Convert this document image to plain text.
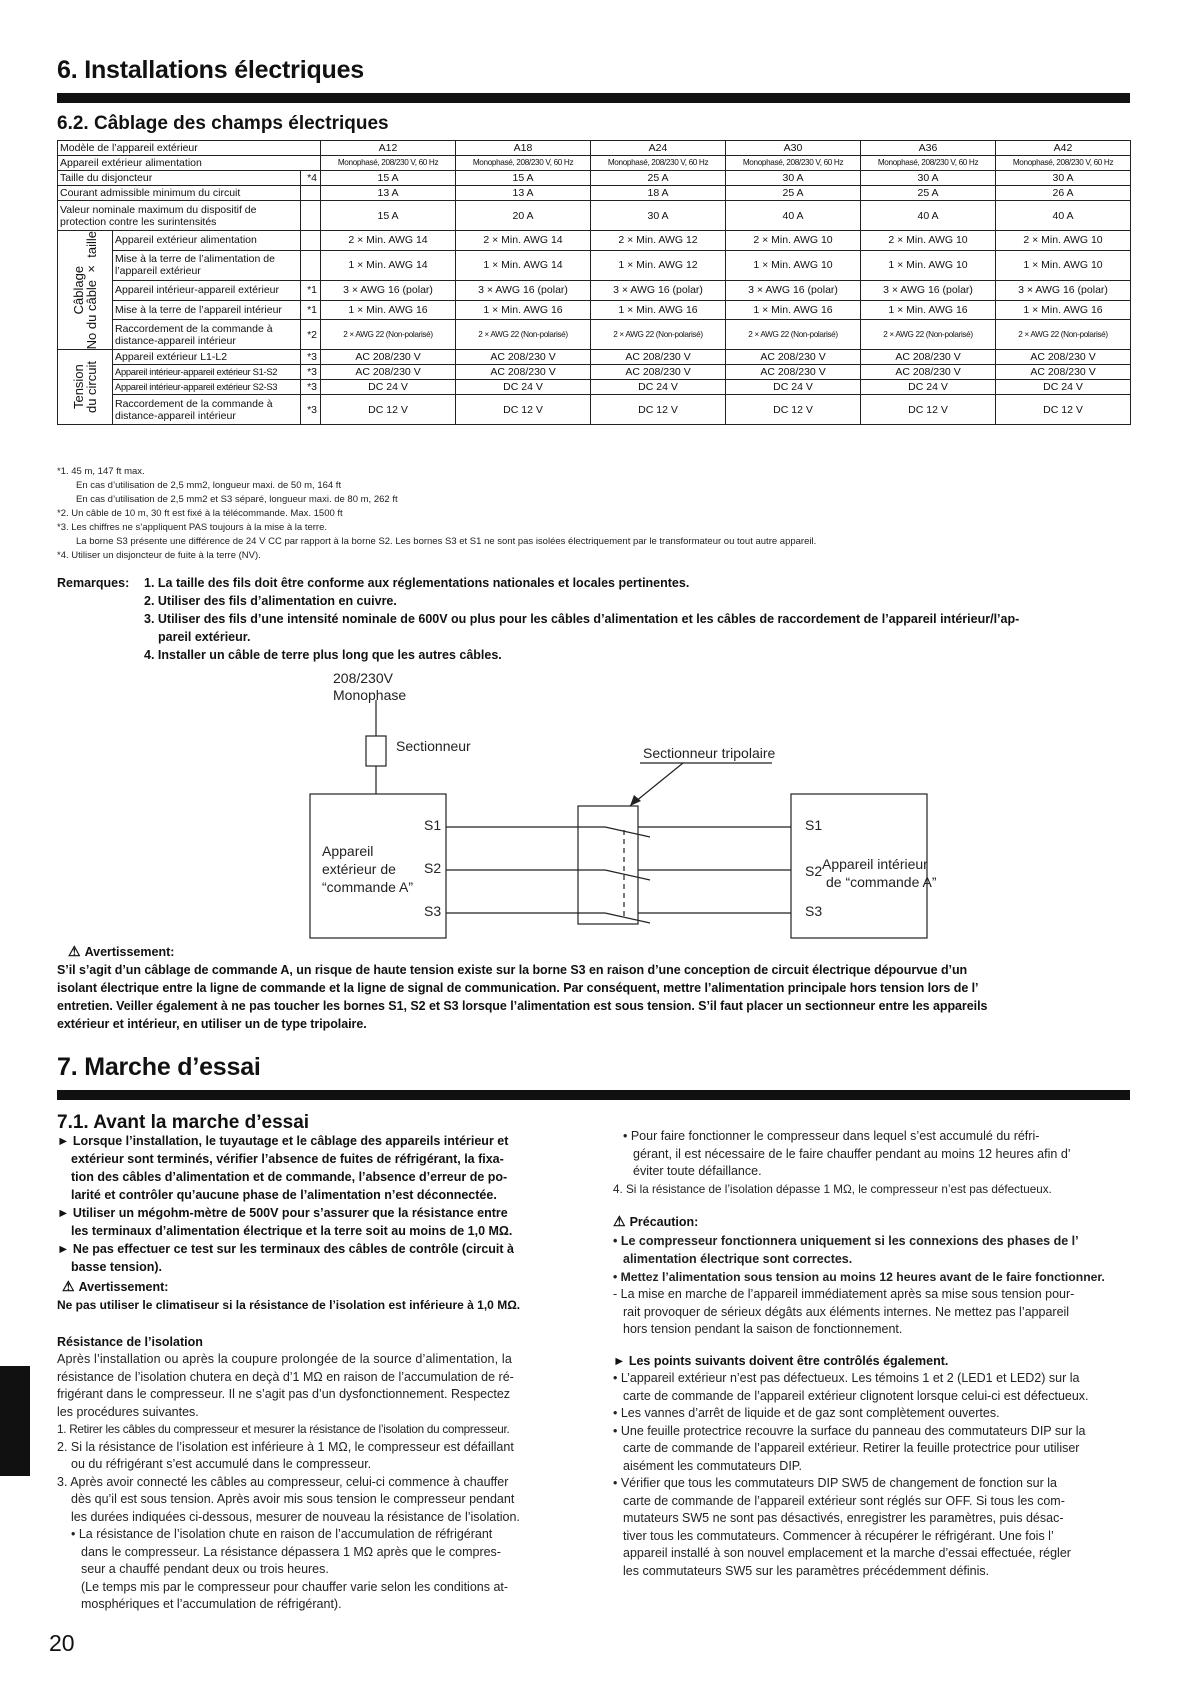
6. Installations électriques
6.2. Câblage des champs électriques
Modèle de l’appareil extérieur			A12	A18	A24	A30	A36	A42
Appareil extérieur alimentation			Monophasé, 208/230 V, 60 Hz	Monophasé, 208/230 V, 60 Hz	Monophasé, 208/230 V, 60 Hz	Monophasé, 208/230 V, 60 Hz	Monophasé, 208/230 V, 60 Hz	Monophasé, 208/230 V, 60 Hz
Taille du disjoncteur		*4	15 A	15 A	25 A	30 A	30 A	30 A
Courant admissible minimum du circuit			13 A	13 A	18 A	25 A	25 A	26 A
Valeur nominale maximum du dispositif de protection contre les surintensités			15 A	20 A	30 A	40 A	40 A	40 A

Câblage
No du câble × taille	Appareil extérieur alimentation		2 × Min. AWG 14	2 × Min. AWG 14	2 × Min. AWG 12	2 × Min. AWG 10	2 × Min. AWG 10	2 × Min. AWG 10
	Mise à la terre de l’alimentation de l’appareil extérieur		1 × Min. AWG 14	1 × Min. AWG 14	1 × Min. AWG 12	1 × Min. AWG 10	1 × Min. AWG 10	1 × Min. AWG 10
	Appareil intérieur-appareil extérieur	*1	3 × AWG 16 (polar)	3 × AWG 16 (polar)	3 × AWG 16 (polar)	3 × AWG 16 (polar)	3 × AWG 16 (polar)	3 × AWG 16 (polar)
	Mise à la terre de l’appareil intérieur	*1	1 × Min. AWG 16	1 × Min. AWG 16	1 × Min. AWG 16	1 × Min. AWG 16	1 × Min. AWG 16	1 × Min. AWG 16
	Raccordement de la commande à distance-appareil intérieur	*2	2 × AWG 22 (Non-polarisé)	2 × AWG 22 (Non-polarisé)	2 × AWG 22 (Non-polarisé)	2 × AWG 22 (Non-polarisé)	2 × AWG 22 (Non-polarisé)	2 × AWG 22 (Non-polarisé)

Tension
du circuit	Appareil extérieur L1-L2	*3	AC 208/230 V	AC 208/230 V	AC 208/230 V	AC 208/230 V	AC 208/230 V	AC 208/230 V
	Appareil intérieur-appareil extérieur S1-S2	*3	AC 208/230 V	AC 208/230 V	AC 208/230 V	AC 208/230 V	AC 208/230 V	AC 208/230 V
	Appareil intérieur-appareil extérieur S2-S3	*3	DC 24 V	DC 24 V	DC 24 V	DC 24 V	DC 24 V	DC 24 V
	Raccordement de la commande à distance-appareil intérieur	*3	DC 12 V	DC 12 V	DC 12 V	DC 12 V	DC 12 V	DC 12 V
*1. 45 m, 147 ft max.
En cas d’utilisation de 2,5 mm2, longueur maxi. de 50 m, 164 ft
En cas d’utilisation de 2,5 mm2 et S3 séparé, longueur maxi. de 80 m, 262 ft
*2. Un câble de 10 m, 30 ft est fixé à la télécommande. Max. 1500 ft
*3. Les chiffres ne s’appliquent PAS toujours à la mise à la terre.
La borne S3 présente une différence de 24 V CC par rapport à la borne S2. Les bornes S3 et S1 ne sont pas isolées électriquement par le transformateur ou tout autre appareil.
*4. Utiliser un disjoncteur de fuite à la terre (NV).
Remarques: 1. La taille des fils doit être conforme aux réglementations nationales et locales pertinentes.
2. Utiliser des fils d’alimentation en cuivre.
3. Utiliser des fils d’une intensité nominale de 600V ou plus pour les câbles d’alimentation et les câbles de raccordement de l’appareil intérieur/l’ap-
pareil extérieur.
4. Installer un câble de terre plus long que les autres câbles.
208/230V
Monophase
Sectionneur	Sectionneur tripolaire
Appareil
extérieur de
“commande A”
S1
S2
S3
S1
S2
S3
Appareil intérieur
de “commande A”
⚠ Avertissement:
S’il s’agit d’un câblage de commande A, un risque de haute tension existe sur la borne S3 en raison d’une conception de circuit électrique dépourvue d’un
isolant électrique entre la ligne de commande et la ligne de signal de communication. Par conséquent, mettre l’alimentation principale hors tension lors de l’
entretien. Veiller également à ne pas toucher les bornes S1, S2 et S3 lorsque l’alimentation est sous tension. S’il faut placer un sectionneur entre les appareils
extérieur et intérieur, en utiliser un de type tripolaire.
7. Marche d’essai
7.1. Avant la marche d’essai
► Lorsque l’installation, le tuyautage et le câblage des appareils intérieur et
extérieur sont terminés, vérifier l’absence de fuites de réfrigérant, la fixa-
tion des câbles d’alimentation et de commande, l’absence d’erreur de po-
larité et contrôler qu’aucune phase de l’alimentation n’est déconnectée.
► Utiliser un mégohm-mètre de 500V pour s’assurer que la résistance entre
les terminaux d’alimentation électrique et la terre soit au moins de 1,0 MΩ.
► Ne pas effectuer ce test sur les terminaux des câbles de contrôle (circuit à
basse tension).
⚠ Avertissement:
Ne pas utiliser le climatiseur si la résistance de l’isolation est inférieure à 1,0 MΩ.
Résistance de l’isolation
Après l’installation ou après la coupure prolongée de la source d’alimentation, la
résistance de l’isolation chutera en deçà d’1 MΩ en raison de l’accumulation de ré-
frigérant dans le compresseur. Il ne s’agit pas d’un dysfonctionnement. Respectez
les procédures suivantes.
1. Retirer les câbles du compresseur et mesurer la résistance de l’isolation du compresseur.
2. Si la résistance de l’isolation est inférieure à 1 MΩ, le compresseur est défaillant
ou du réfrigérant s’est accumulé dans le compresseur.
3. Après avoir connecté les câbles au compresseur, celui-ci commence à chauffer
dès qu’il est sous tension. Après avoir mis sous tension le compresseur pendant
les durées indiquées ci-dessous, mesurer de nouveau la résistance de l’isolation.
• La résistance de l’isolation chute en raison de l’accumulation de réfrigérant
dans le compresseur. La résistance dépassera 1 MΩ après que le compres-
seur a chauffé pendant deux ou trois heures.
(Le temps mis par le compresseur pour chauffer varie selon les conditions at-
mosphériques et l’accumulation de réfrigérant).
• Pour faire fonctionner le compresseur dans lequel s’est accumulé du réfri-
gérant, il est nécessaire de le faire chauffer pendant au moins 12 heures afin d’
éviter toute défaillance.
4. Si la résistance de l’isolation dépasse 1 MΩ, le compresseur n’est pas défectueux.
⚠ Précaution:
• Le compresseur fonctionnera uniquement si les connexions des phases de l’
alimentation électrique sont correctes.
• Mettez l’alimentation sous tension au moins 12 heures avant de le faire fonctionner.
- La mise en marche de l’appareil immédiatement après sa mise sous tension pour-
rait provoquer de sérieux dégâts aux éléments internes. Ne mettez pas l’appareil
hors tension pendant la saison de fonctionnement.
► Les points suivants doivent être contrôlés également.
• L’appareil extérieur n’est pas défectueux. Les témoins 1 et 2 (LED1 et LED2) sur la
carte de commande de l’appareil extérieur clignotent lorsque celui-ci est défectueux.
• Les vannes d’arrêt de liquide et de gaz sont complètement ouvertes.
• Une feuille protectrice recouvre la surface du panneau des commutateurs DIP sur la
carte de commande de l’appareil extérieur. Retirer la feuille protectrice pour utiliser
aisément les commutateurs DIP.
• Vérifier que tous les commutateurs DIP SW5 de changement de fonction sur la
carte de commande de l’appareil extérieur sont réglés sur OFF. Si tous les com-
mutateurs SW5 ne sont pas désactivés, enregistrer les paramètres, puis désac-
tiver tous les commutateurs. Commencer à récupérer le réfrigérant. Une fois l’
appareil installé à son nouvel emplacement et la marche d’essai effectuée, régler
les commutateurs SW5 sur les paramètres précédemment définis.
20
